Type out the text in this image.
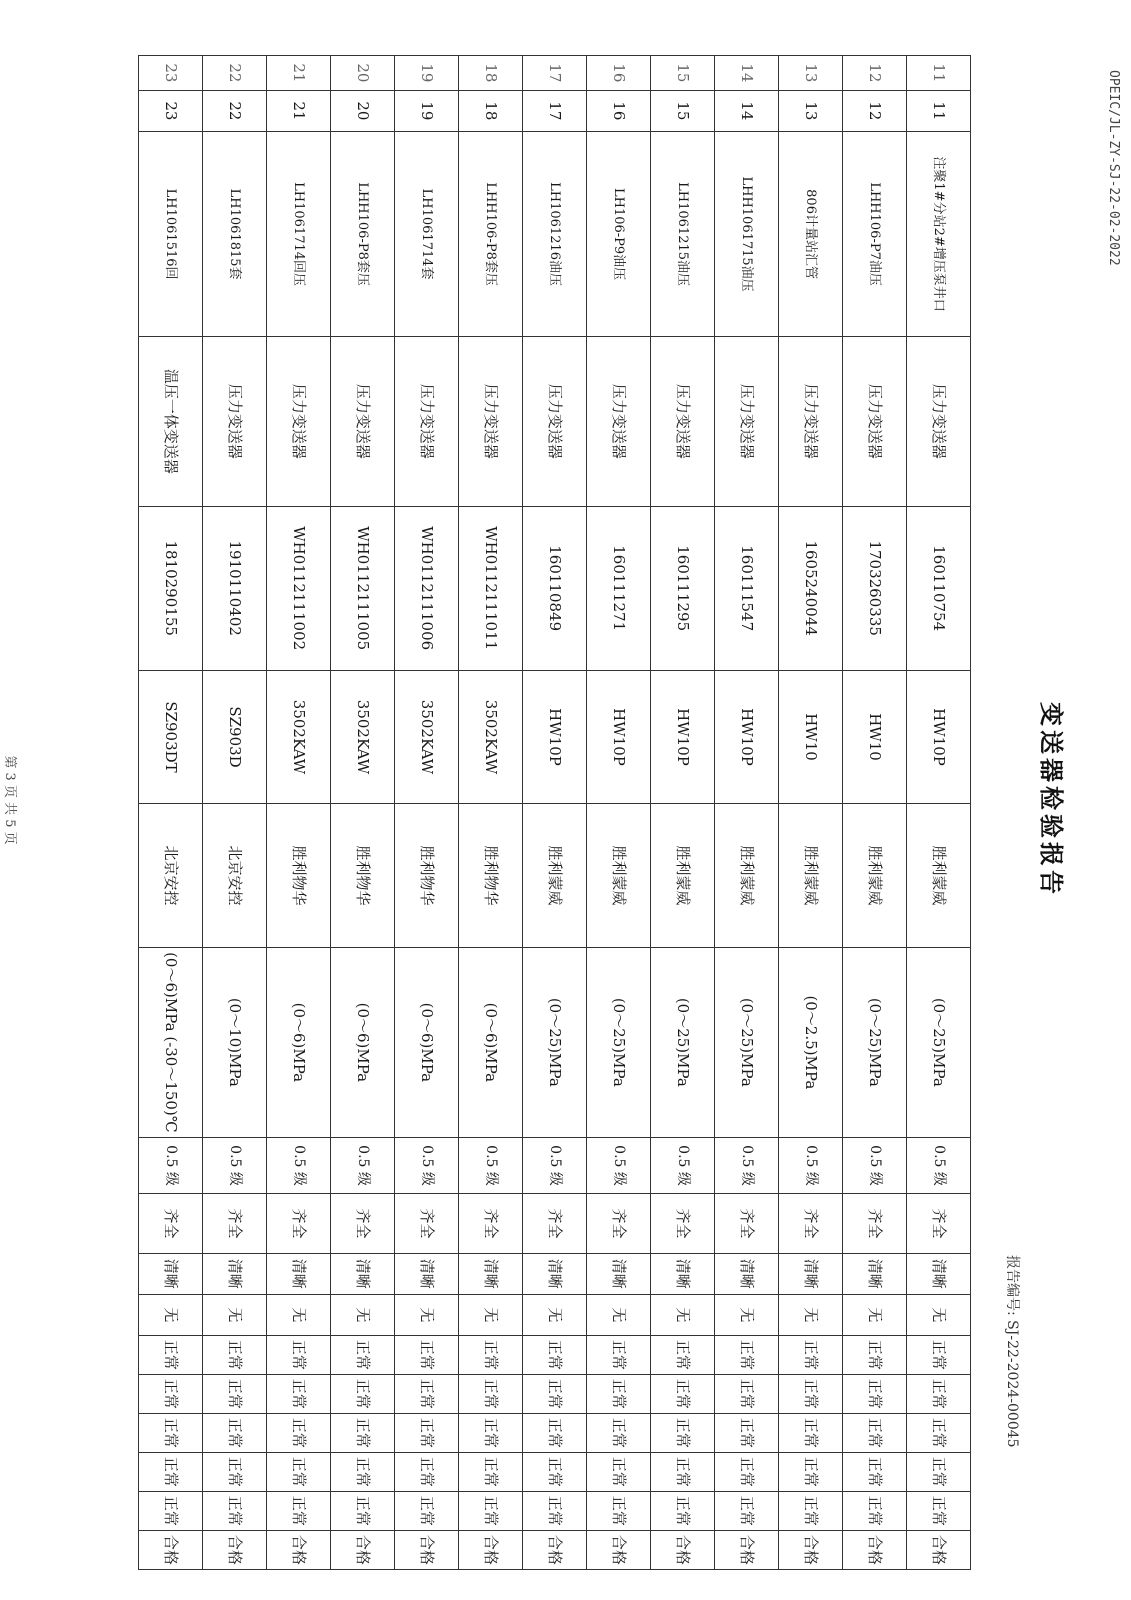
OPEIC/JL-ZY-SJ-22-02-2022
变送器检验报告
报告编号: SJ-22-2024-00045
11	11	注聚1#分站2#增压泵井口	压力变送器	160110754	HW10P	胜利蒙威	(0～25)MPa	0.5 级	齐全	清晰	无	正常	正常	正常	正常	正常	合格
12	12	LHH106-P7油压	压力变送器	1703260335	HW10	胜利蒙威	(0～25)MPa	0.5 级	齐全	清晰	无	正常	正常	正常	正常	正常	合格
13	13	806计量站汇管	压力变送器	1605240044	HW10	胜利蒙威	(0～2.5)MPa	0.5 级	齐全	清晰	无	正常	正常	正常	正常	正常	合格
14	14	LHH1061715油压	压力变送器	160111547	HW10P	胜利蒙威	(0～25)MPa	0.5 级	齐全	清晰	无	正常	正常	正常	正常	正常	合格
15	15	LH1061215油压	压力变送器	160111295	HW10P	胜利蒙威	(0～25)MPa	0.5 级	齐全	清晰	无	正常	正常	正常	正常	正常	合格
16	16	LH106-P9油压	压力变送器	160111271	HW10P	胜利蒙威	(0～25)MPa	0.5 级	齐全	清晰	无	正常	正常	正常	正常	正常	合格
17	17	LH1061216油压	压力变送器	160110849	HW10P	胜利蒙威	(0～25)MPa	0.5 级	齐全	清晰	无	正常	正常	正常	正常	正常	合格
18	18	LHH106-P8套压	压力变送器	WH0112111011	3502KAW	胜利物华	(0～6)MPa	0.5 级	齐全	清晰	无	正常	正常	正常	正常	正常	合格
19	19	LH1061714套	压力变送器	WH0112111006	3502KAW	胜利物华	(0～6)MPa	0.5 级	齐全	清晰	无	正常	正常	正常	正常	正常	合格
20	20	LHH106-P8套压	压力变送器	WH0112111005	3502KAW	胜利物华	(0～6)MPa	0.5 级	齐全	清晰	无	正常	正常	正常	正常	正常	合格
21	21	LH1061714回压	压力变送器	WH0112111002	3502KAW	胜利物华	(0～6)MPa	0.5 级	齐全	清晰	无	正常	正常	正常	正常	正常	合格
22	22	LH1061815套	压力变送器	1910110402	SZ903D	北京安控	(0～10)MPa	0.5 级	齐全	清晰	无	正常	正常	正常	正常	正常	合格
23	23	LH1061516回	温压一体变送器	1810290155	SZ903DT	北京安控	(0～6)MPa (-30～150)℃	0.5 级	齐全	清晰	无	正常	正常	正常	正常	正常	合格
第 3 页 共 5 页
